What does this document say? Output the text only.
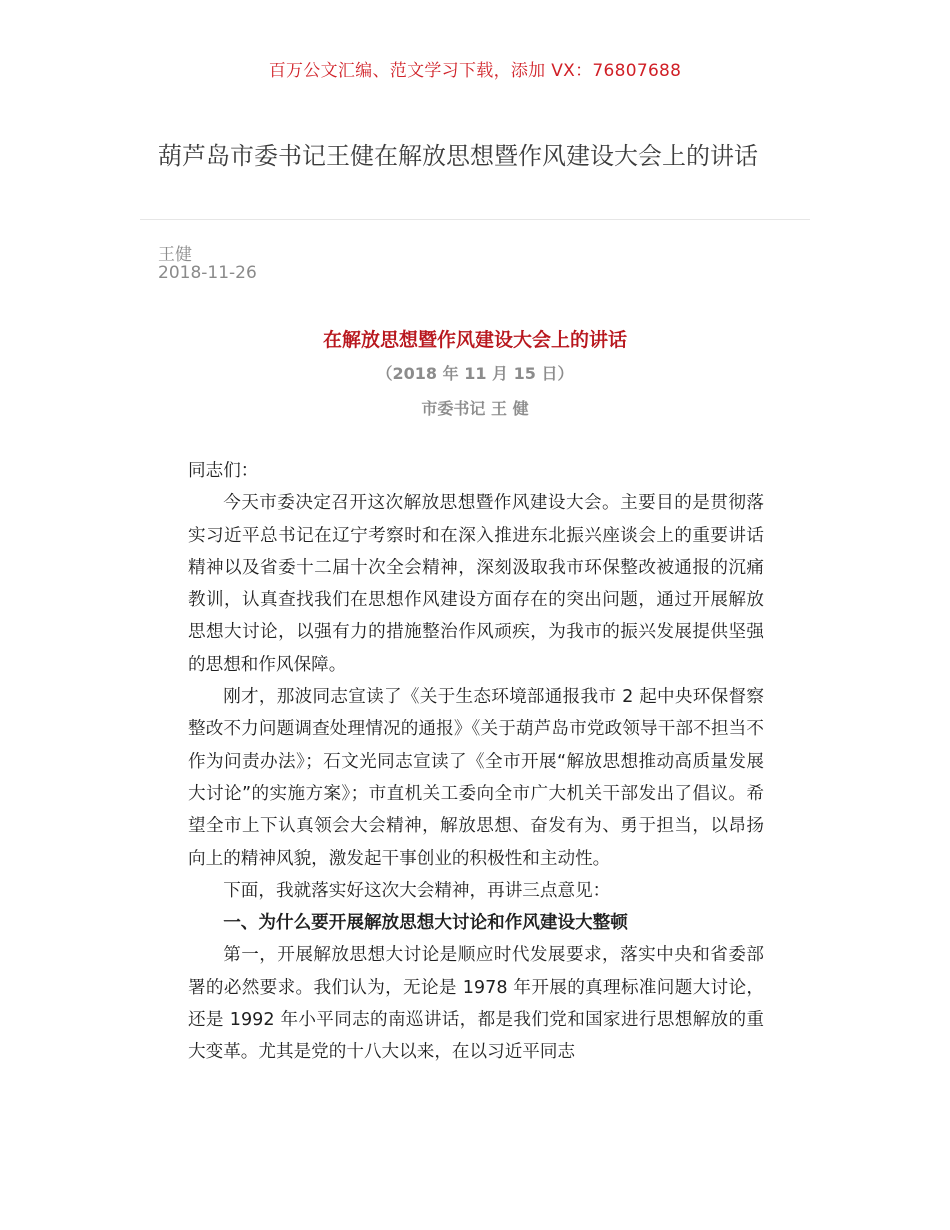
百万公文汇编、范文学习下载，添加 VX：76807688
葫芦岛市委书记王健在解放思想暨作风建设大会上的讲话
王健
2018-11-26
在解放思想暨作风建设大会上的讲话
（2018 年 11 月 15 日）
市委书记 王 健

同志们：

今天市委决定召开这次解放思想暨作风建设大会。主要目的是贯彻落实习近平总书记在辽宁考察时和在深入推进东北振兴座谈会上的重要讲话精神以及省委十二届十次全会精神，深刻汲取我市环保整改被通报的沉痛教训，认真查找我们在思想作风建设方面存在的突出问题，通过开展解放思想大讨论，以强有力的措施整治作风顽疾，为我市的振兴发展提供坚强的思想和作风保障。

刚才，那波同志宣读了《关于生态环境部通报我市 2 起中央环保督察整改不力问题调查处理情况的通报》《关于葫芦岛市党政领导干部不担当不作为问责办法》；石文光同志宣读了《全市开展“解放思想推动高质量发展大讨论”的实施方案》；市直机关工委向全市广大机关干部发出了倡议。希望全市上下认真领会大会精神，解放思想、奋发有为、勇于担当，以昂扬向上的精神风貌，激发起干事创业的积极性和主动性。

下面，我就落实好这次大会精神，再讲三点意见：

一、为什么要开展解放思想大讨论和作风建设大整顿

第一，开展解放思想大讨论是顺应时代发展要求，落实中央和省委部署的必然要求。我们认为，无论是 1978 年开展的真理标准问题大讨论，还是 1992 年小平同志的南巡讲话，都是我们党和国家进行思想解放的重大变革。尤其是党的十八大以来，在以习近平同志
